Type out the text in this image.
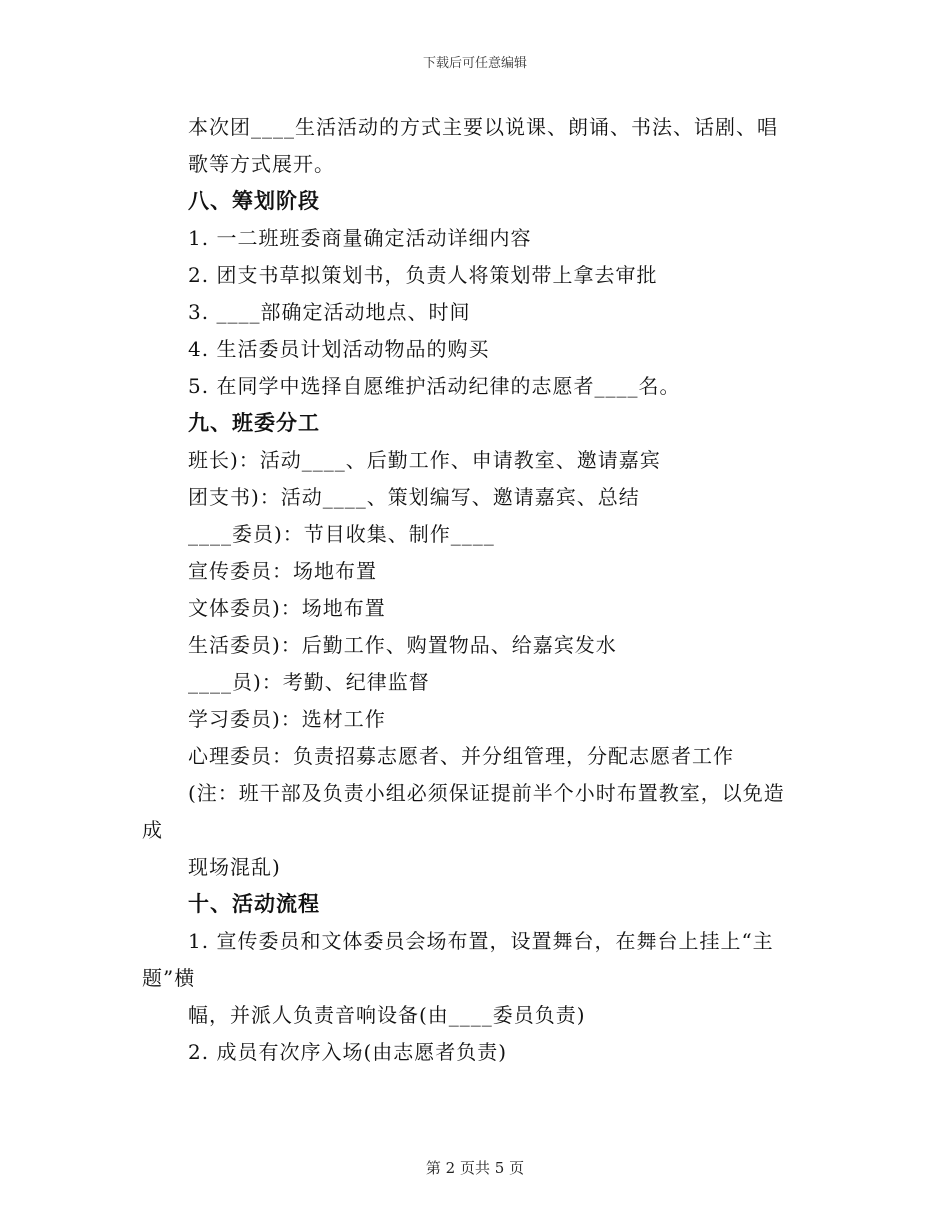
下载后可任意编辑
本次团____生活活动的方式主要以说课、朗诵、书法、话剧、唱
歌等方式展开。
八、筹划阶段
1. 一二班班委商量确定活动详细内容
2. 团支书草拟策划书，负责人将策划带上拿去审批
3. ____部确定活动地点、时间
4. 生活委员计划活动物品的购买
5. 在同学中选择自愿维护活动纪律的志愿者____名。
九、班委分工
班长)：活动____、后勤工作、申请教室、邀请嘉宾
团支书)：活动____、策划编写、邀请嘉宾、总结
____委员)：节目收集、制作____
宣传委员：场地布置
文体委员)：场地布置
生活委员)：后勤工作、购置物品、给嘉宾发水
____员)：考勤、纪律监督
学习委员)：选材工作
心理委员：负责招募志愿者、并分组管理，分配志愿者工作
(注：班干部及负责小组必须保证提前半个小时布置教室，以免造
成
现场混乱)
十、活动流程
1. 宣传委员和文体委员会场布置，设置舞台，在舞台上挂上“主
题”横
幅，并派人负责音响设备(由____委员负责)
2. 成员有次序入场(由志愿者负责)
第 2 页共 5 页
